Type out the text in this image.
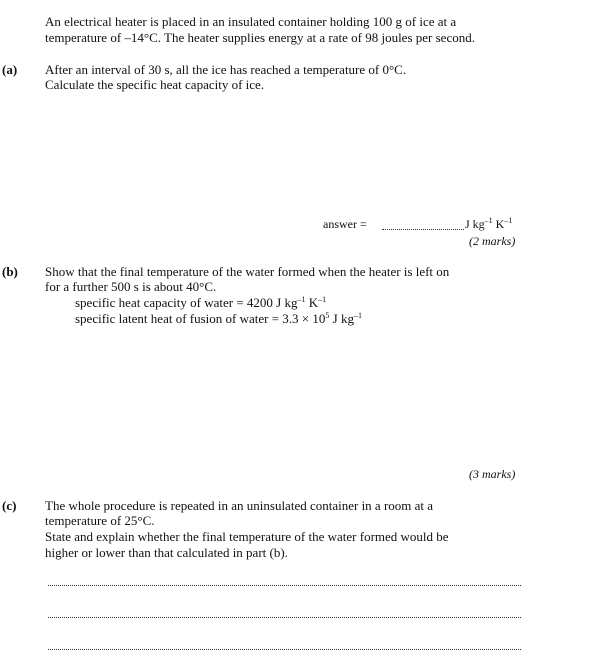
An electrical heater is placed in an insulated container holding 100 g of ice at a

temperature of –14°C. The heater supplies energy at a rate of 98 joules per second.

(a) After an interval of 30 s, all the ice has reached a temperature of 0°C.

Calculate the specific heat capacity of ice.

answer =	J $kg^{-1}$ $K^{-1}$
(2 marks)
(b) Show that the final temperature of the water formed when the heater is left on

for a further 500 s is about 40°C.

specific heat capacity of water = 4200 J $kg^{-1}$ $K^{-1}$

specific latent heat of fusion of water = $3.3 \times 10^5$ J $kg^{-1}$

(3 marks)
(c) The whole procedure is repeated in an uninsulated container in a room at a

temperature of 25°C.

State and explain whether the final temperature of the water formed would be

higher or lower than that calculated in part (b).
